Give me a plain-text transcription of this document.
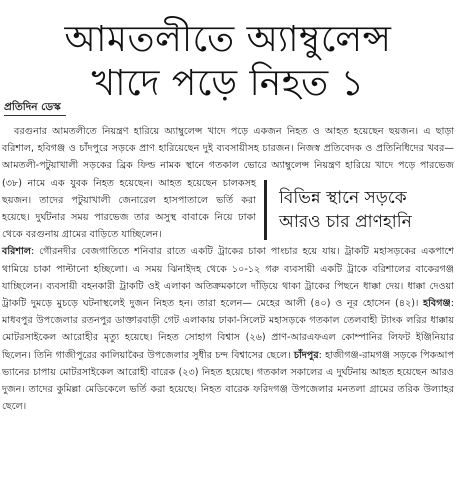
আমতলীতে অ্যাম্বুলেন্স
খাদে পড়ে নিহত ১
প্রতিদিন ডেস্ক
বিভিন্ন স্থানে সড়কে
আরও চার প্রাণহানি

বরগুনার আমতলীতে নিয়ন্ত্রণ হারিয়ে অ্যাম্বুলেন্স খাদে পড়ে একজন নিহত ও আহত হয়েছেন ছয়জন। এ ছাড়া বরিশাল, হবিগঞ্জ ও চাঁদপুরে সড়কে প্রাণ হারিয়েছেন দুই ব্যবসায়ীসহ চারজন। নিজস্ব প্রতিবেদক ও প্রতিনিধিদের খবর— আমতলী-পটুয়াখালী সড়কের ব্রিক ফিল্ড নামক স্থানে গতকাল ভোরে অ্যাম্বুলেন্স নিয়ন্ত্রণ হারিয়ে খাদে পড়ে পারভেজ (৩৮) নামে এক যুবক নিহত হয়েছেন। আহত হয়েছেন চালকসহ ছয়জন। তাদের পটুয়াখালী জেনারেল হাসপাতালে ভর্তি করা হয়েছে। দুর্ঘটনার সময় পারভেজ তার অসুস্থ বাবাকে নিয়ে ঢাকা থেকে বরগুনায় গ্রামের বাড়িতে যাচ্ছিলেন।

বরিশাল: গৌরনদীর বেজগাতিতে শনিবার রাতে একটি ট্রাকের চাকা পাংচার হয়ে যায়। ট্রাকটি মহাসড়কের একপাশে থামিয়ে চাকা পাল্টানো হচ্ছিলো। এ সময় ঝিনাইদহ থেকে ১০-১২ গরু ব্যবসায়ী একটি ট্রাকে বরিশালের বাকেরগঞ্জ যাচ্ছিলেন। ব্যবসায়ী বহনকারী ট্রাকটি ওই এলাকা অতিক্রমকালে দাঁড়িয়ে থাকা ট্রাকের পিছনে ধাক্কা দেয়। ধাক্কা দেওয়া ট্রাকটি দুমড়ে মুচড়ে ঘটনাস্থলেই দুজন নিহত হন। তারা হলেন— মেহের আলী (৪০) ও নূর হোসেন (৪২)। হবিগঞ্জ: মাধবপুর উপজেলার রতনপুর ডাক্তারবাড়ী গেট এলাকায় ঢাকা-সিলেট মহাসড়কে গতকাল তেলবাহী ট্যাংক লরির ধাক্কায় মোটরসাইকেল আরোহীর মৃত্যু হয়েছে। নিহত সোহাগ বিশ্বাস (২৬) প্রাণ-আরএফএল কোম্পানির লিফট ইঞ্জিনিয়ার ছিলেন। তিনি গাজীপুরের কালিয়াকৈর উপজেলার সুধীর চন্দ বিশ্বাসের ছেলে। চাঁদপুর: হাজীগঞ্জ-রামগঞ্জ সড়কে পিকআপ ভ্যানের চাপায় মোটরসাইকেল আরোহী বারেক (২৩) নিহত হয়েছে। গতকাল সকালের এ দুর্ঘটনায় আহত হয়েছেন আরও দুজন। তাদের কুমিল্লা মেডিকেলে ভর্তি করা হয়েছে। নিহত বারেক ফরিদগঞ্জ উপজেলার মনতলা গ্রামের তরিক উল্যাহর ছেলে।
